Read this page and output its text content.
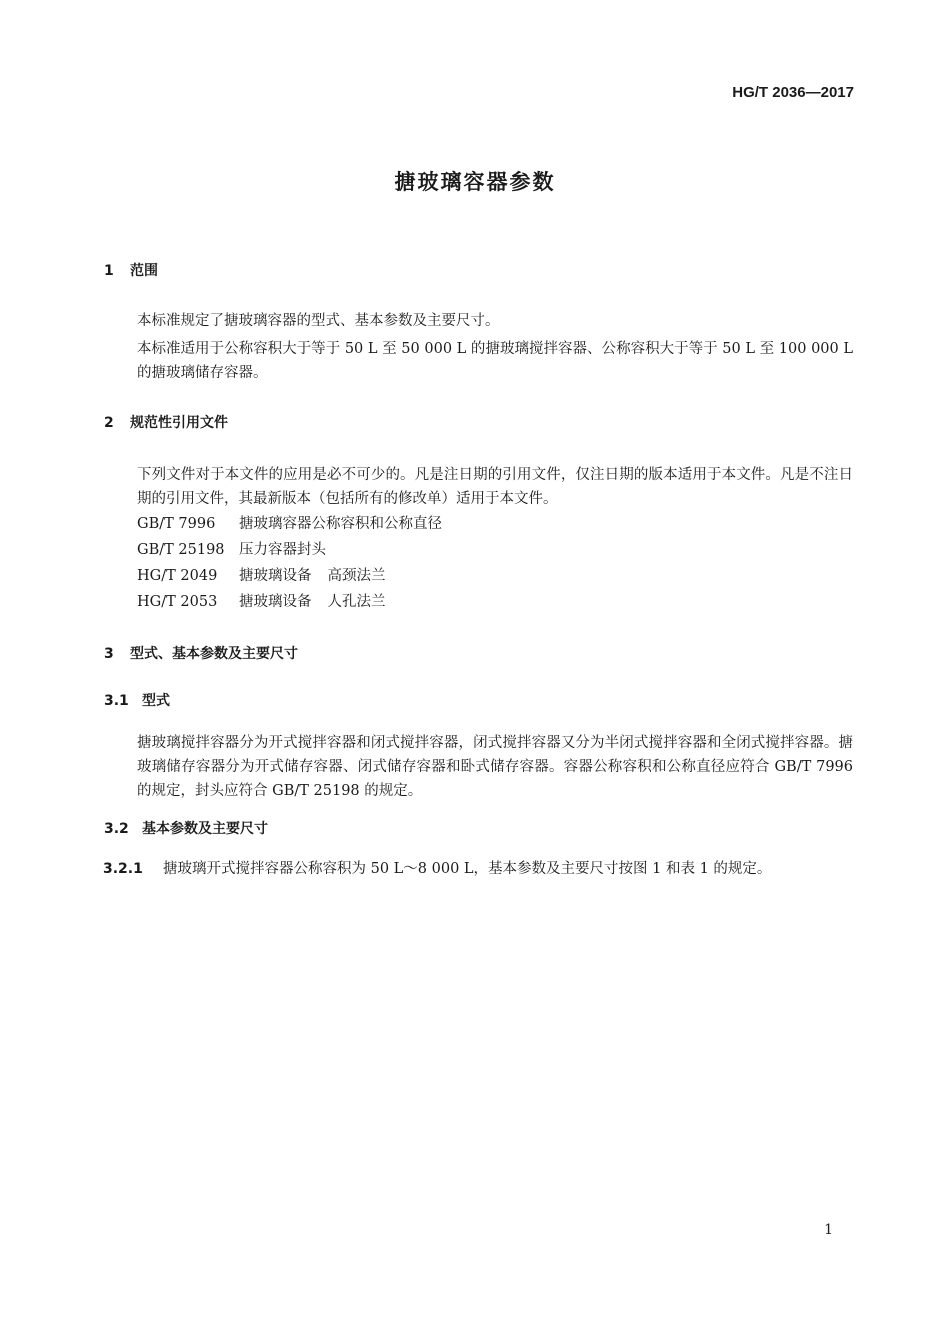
HG/T 2036—2017
搪玻璃容器参数
1 范围
本标准规定了搪玻璃容器的型式、基本参数及主要尺寸。
本标准适用于公称容积大于等于 50 L 至 50 000 L 的搪玻璃搅拌容器、公称容积大于等于 50 L 至 100 000 L 的搪玻璃储存容器。
2 规范性引用文件
下列文件对于本文件的应用是必不可少的。凡是注日期的引用文件，仅注日期的版本适用于本文件。凡是不注日期的引用文件，其最新版本（包括所有的修改单）适用于本文件。
GB/T 7996 搪玻璃容器公称容积和公称直径
GB/T 25198 压力容器封头
HG/T 2049 搪玻璃设备 高颈法兰
HG/T 2053 搪玻璃设备 人孔法兰
3 型式、基本参数及主要尺寸
3.1 型式
搪玻璃搅拌容器分为开式搅拌容器和闭式搅拌容器，闭式搅拌容器又分为半闭式搅拌容器和全闭式搅拌容器。搪玻璃储存容器分为开式储存容器、闭式储存容器和卧式储存容器。容器公称容积和公称直径应符合 GB/T 7996 的规定，封头应符合 GB/T 25198 的规定。
3.2 基本参数及主要尺寸
3.2.1 搪玻璃开式搅拌容器公称容积为 50 L～8 000 L，基本参数及主要尺寸按图 1 和表 1 的规定。
1
